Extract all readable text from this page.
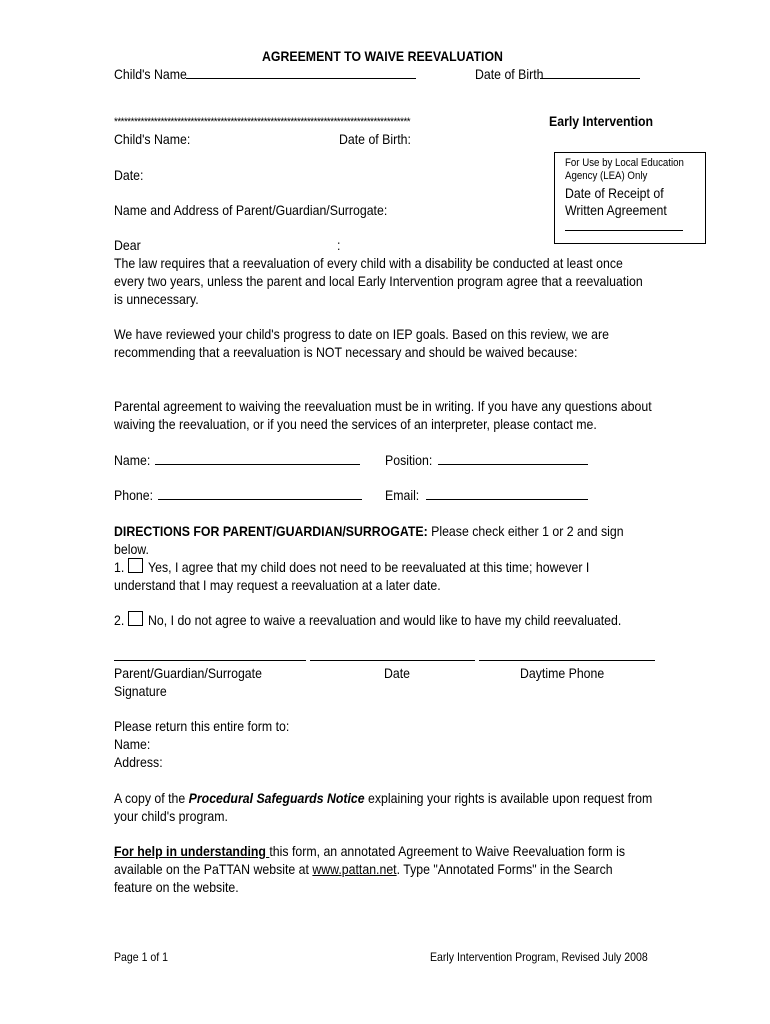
AGREEMENT TO WAIVE REEVALUATION
Child's Name	Date of Birth
*****************************************************************************************	Early Intervention
Child's Name:	Date of Birth:
Date:
Name and Address of Parent/Guardian/Surrogate:
For Use by Local Education
Agency (LEA) Only
Date of Receipt of
Written Agreement
Dear	:
The law requires that a reevaluation of every child with a disability be conducted at least once
every two years, unless the parent and local Early Intervention program agree that a reevaluation
is unnecessary.
We have reviewed your child's progress to date on IEP goals. Based on this review, we are
recommending that a reevaluation is NOT necessary and should be waived because:
Parental agreement to waiving the reevaluation must be in writing. If you have any questions about
waiving the reevaluation, or if you need the services of an interpreter, please contact me.
Name:	Position:
Phone:	Email:
DIRECTIONS FOR PARENT/GUARDIAN/SURROGATE: Please check either 1 or 2 and sign
below.
1. Yes, I agree that my child does not need to be reevaluated at this time; however I
understand that I may request a reevaluation at a later date.
2. No, I do not agree to waive a reevaluation and would like to have my child reevaluated.
Parent/Guardian/Surrogate
Signature
Date	Daytime Phone
Please return this entire form to:
Name:
Address:
A copy of the Procedural Safeguards Notice explaining your rights is available upon request from
your child's program.
For help in understanding this form, an annotated Agreement to Waive Reevaluation form is
available on the PaTTAN website at www.pattan.net. Type "Annotated Forms" in the Search
feature on the website.
Page 1 of 1	Early Intervention Program, Revised July 2008
